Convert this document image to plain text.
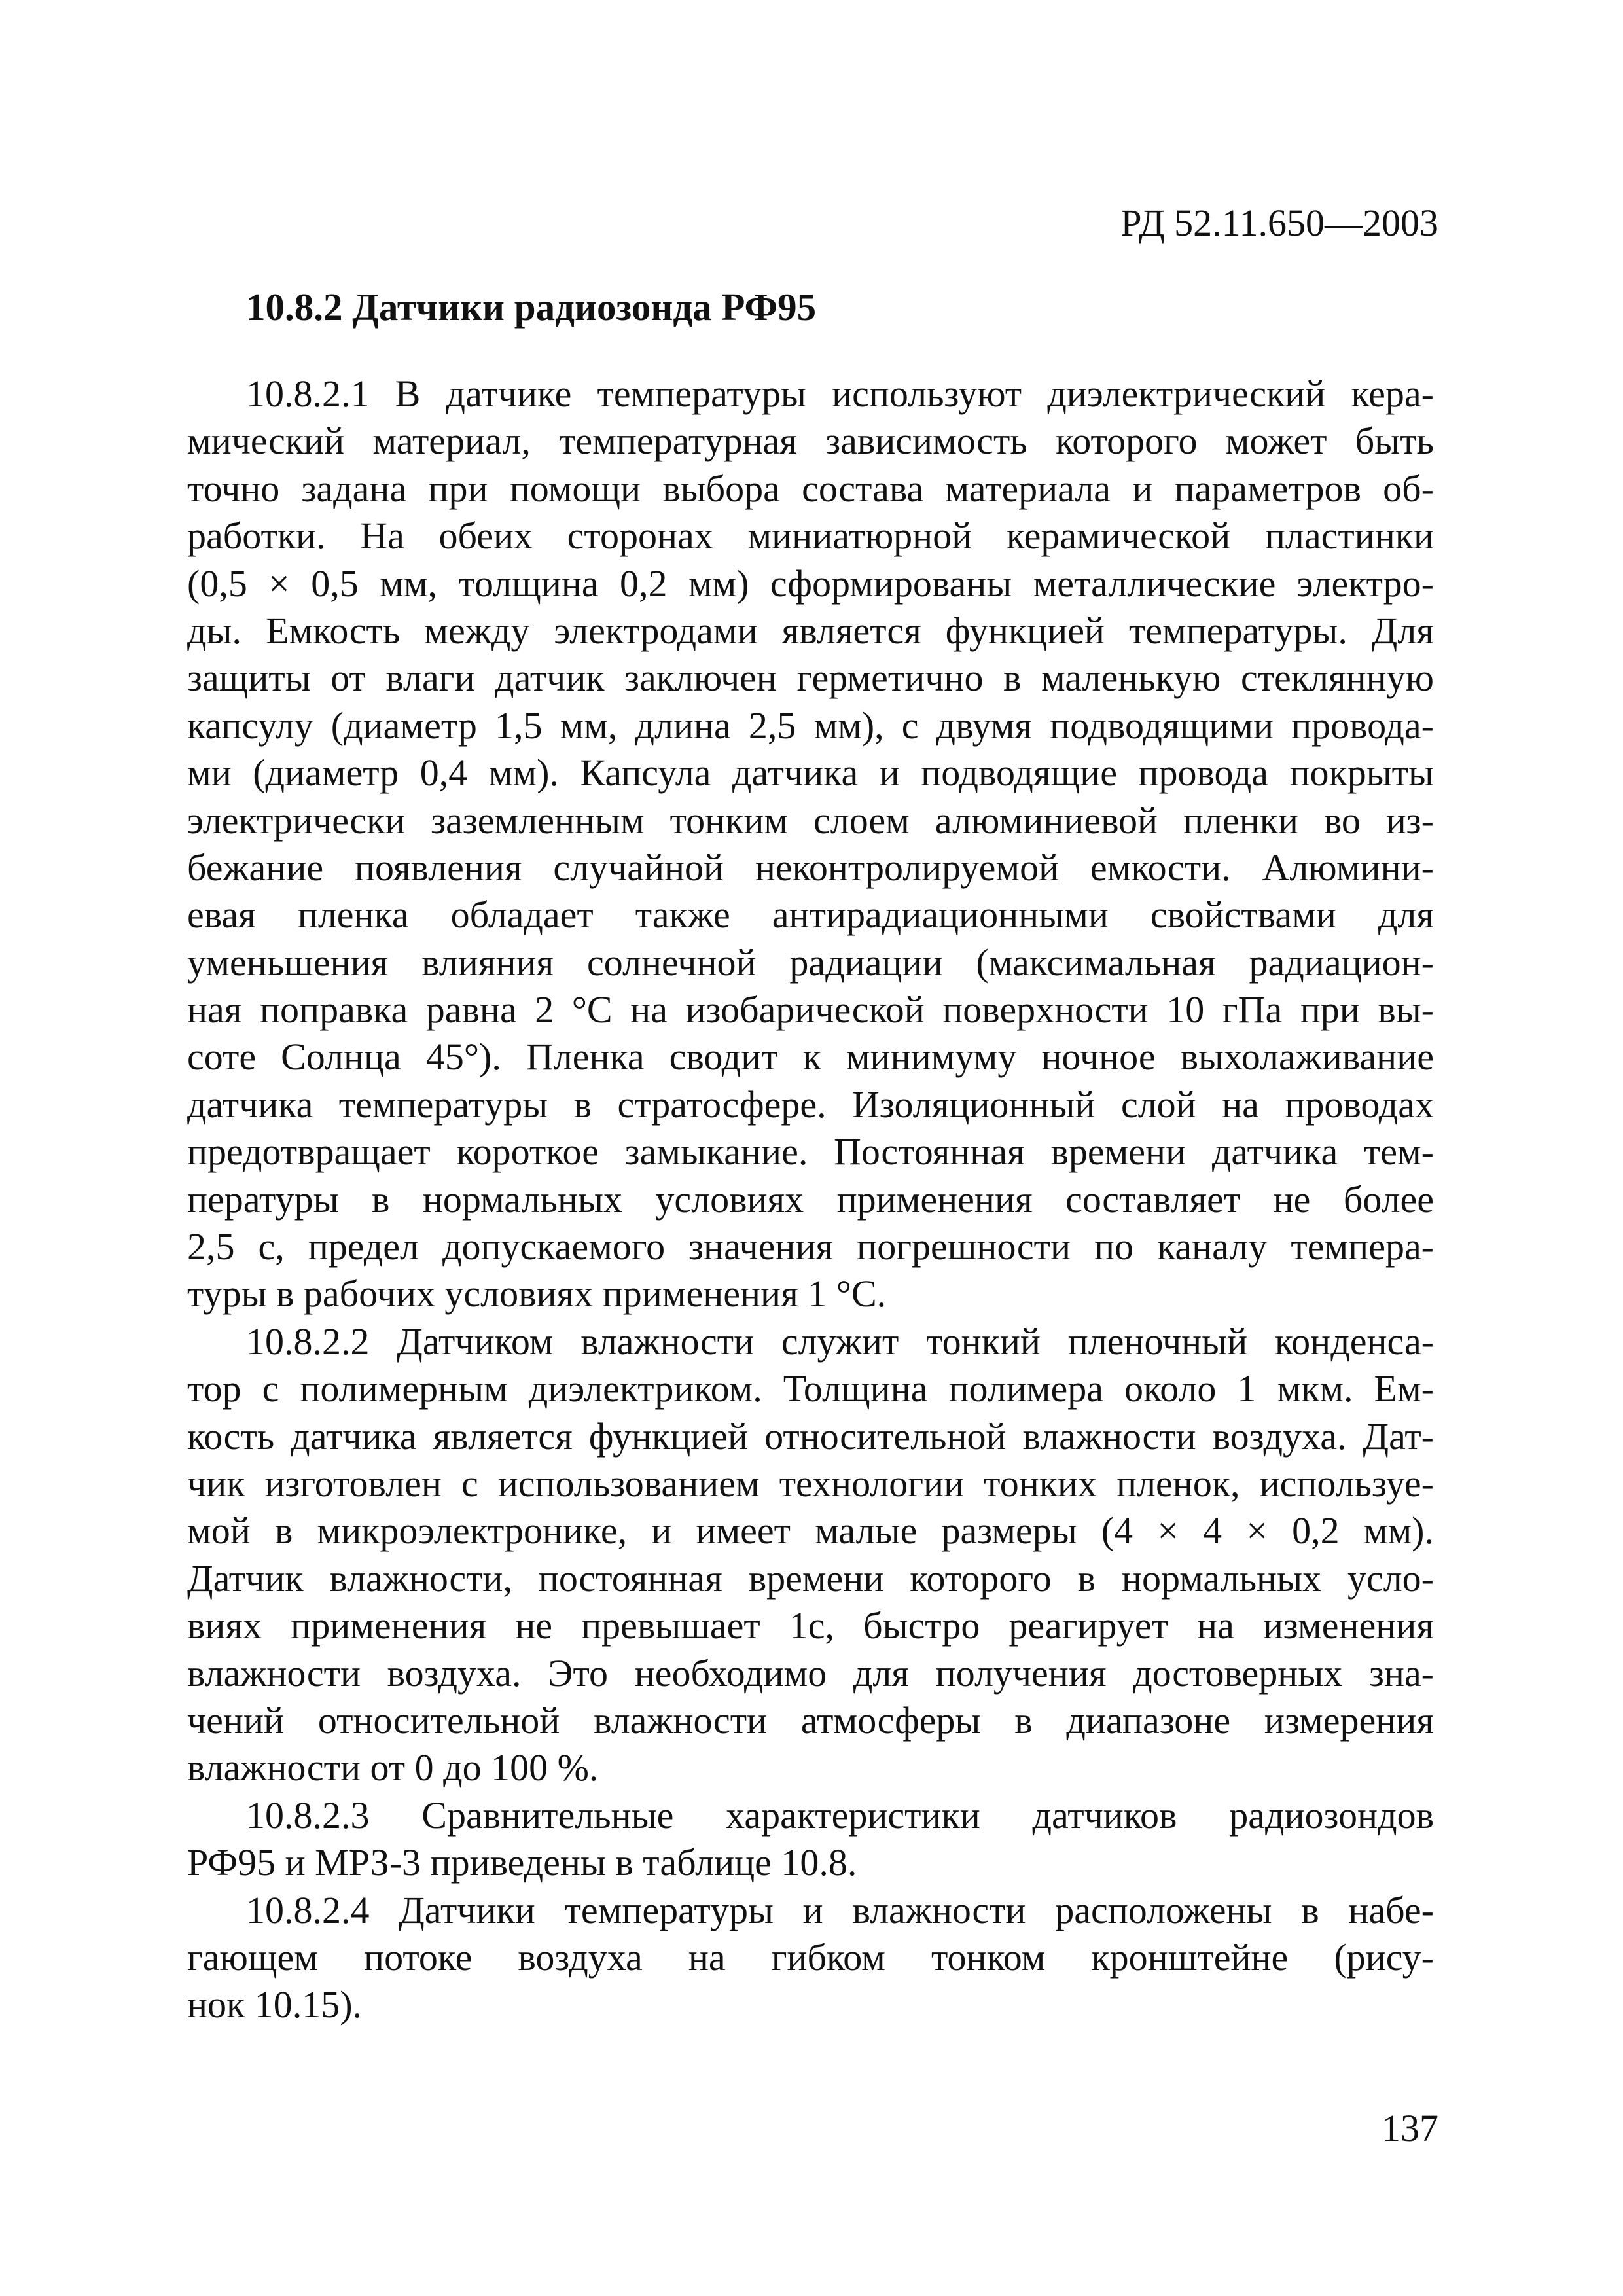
РД 52.11.650—2003
10.8.2 Датчики радиозонда РФ95
10.8.2.1 В датчике температуры используют диэлектрический кера-
мический материал, температурная зависимость которого может быть
точно задана при помощи выбора состава материала и параметров об-
работки. На обеих сторонах миниатюрной керамической пластинки
(0,5 × 0,5 мм, толщина 0,2 мм) сформированы металлические электро-
ды. Емкость между электродами является функцией температуры. Для
защиты от влаги датчик заключен герметично в маленькую стеклянную
капсулу (диаметр 1,5 мм, длина 2,5 мм), с двумя подводящими провода-
ми (диаметр 0,4 мм). Капсула датчика и подводящие провода покрыты
электрически заземленным тонким слоем алюминиевой пленки во из-
бежание появления случайной неконтролируемой емкости. Алюмини-
евая пленка обладает также антирадиационными свойствами для
уменьшения влияния солнечной радиации (максимальная радиацион-
ная поправка равна 2 °С на изобарической поверхности 10 гПа при вы-
соте Солнца 45°). Пленка сводит к минимуму ночное выхолаживание
датчика температуры в стратосфере. Изоляционный слой на проводах
предотвращает короткое замыкание. Постоянная времени датчика тем-
пературы в нормальных условиях применения составляет не более
2,5 с, предел допускаемого значения погрешности по каналу темпера-
туры в рабочих условиях применения 1 °С.
10.8.2.2 Датчиком влажности служит тонкий пленочный конденса-
тор с полимерным диэлектриком. Толщина полимера около 1 мкм. Ем-
кость датчика является функцией относительной влажности воздуха. Дат-
чик изготовлен с использованием технологии тонких пленок, используе-
мой в микроэлектронике, и имеет малые размеры (4 × 4 × 0,2 мм).
Датчик влажности, постоянная времени которого в нормальных усло-
виях применения не превышает 1с, быстро реагирует на изменения
влажности воздуха. Это необходимо для получения достоверных зна-
чений относительной влажности атмосферы в диапазоне измерения
влажности от 0 до 100 %.
10.8.2.3 Сравнительные характеристики датчиков радиозондов
РФ95 и МРЗ-3 приведены в таблице 10.8.
10.8.2.4 Датчики температуры и влажности расположены в набе-
гающем потоке воздуха на гибком тонком кронштейне (рису-
нок 10.15).
137
